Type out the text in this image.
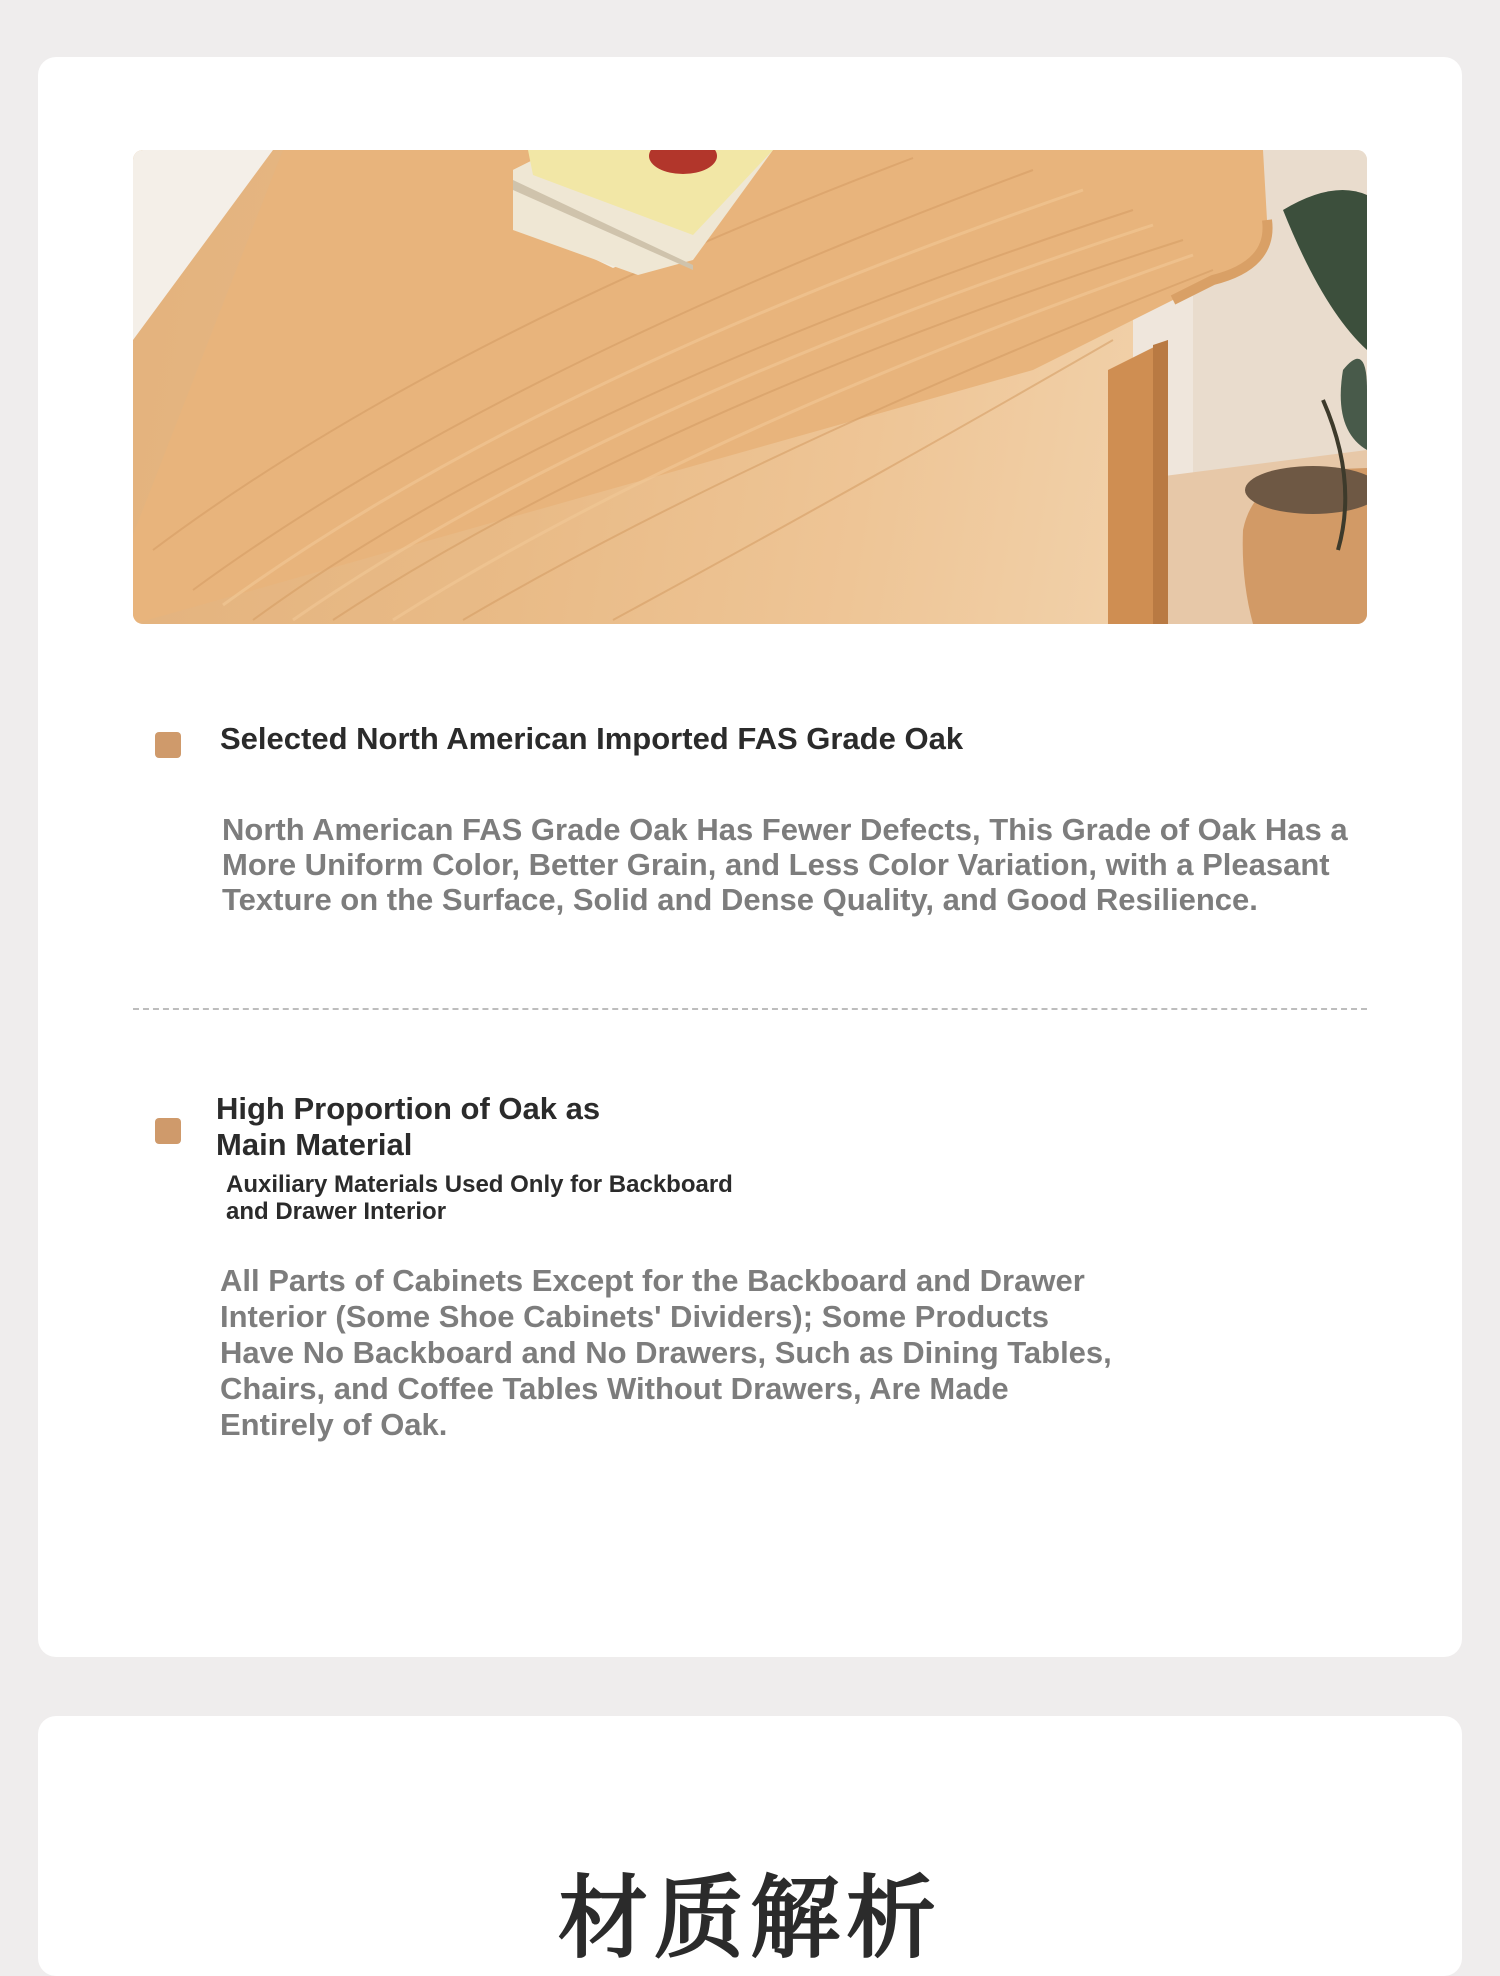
Selected North American Imported FAS Grade Oak

North American FAS Grade Oak Has Fewer Defects, This Grade of Oak Has a More Uniform Color, Better Grain, and Less Color Variation, with a Pleasant Texture on the Surface, Solid and Dense Quality, and Good Resilience.

High Proportion of Oak as

Main Material

Auxiliary Materials Used Only for Backboard

and Drawer Interior

All Parts of Cabinets Except for the Backboard and Drawer Interior (Some Shoe Cabinets' Dividers); Some Products Have No Backboard and No Drawers, Such as Dining Tables, Chairs, and Coffee Tables Without Drawers, Are Made Entirely of Oak.

材质解析
